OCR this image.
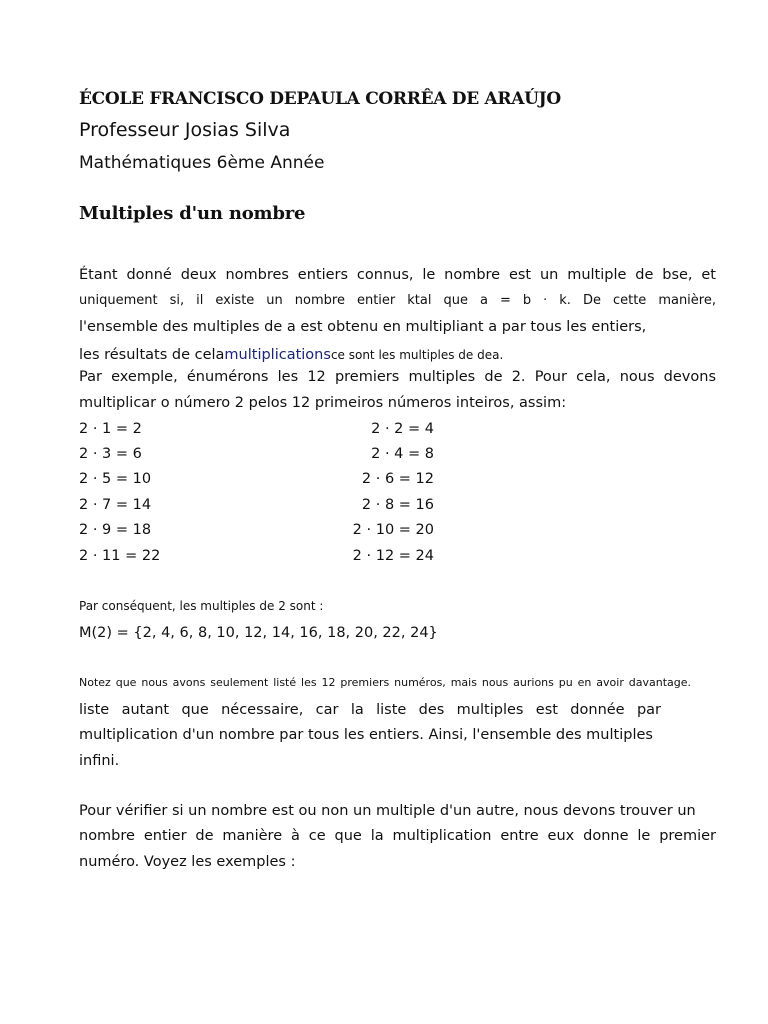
ÉCOLE FRANCISCO DEPAULA CORRÊA DE ARAÚJO
Professeur Josias Silva
Mathématiques 6ème Année
Multiples d'un nombre
Étant donné deux nombres entiers connus, le nombre est un multiple de bse, et
uniquement si, il existe un nombre entier ktal que a = b · k. De cette manière,
l'ensemble des multiples de a est obtenu en multipliant a par tous les entiers,
les résultats de celamultiplicationsce sont les multiples de dea.
Par exemple, énumérons les 12 premiers multiples de 2. Pour cela, nous devons
multiplicar o número 2 pelos 12 primeiros números inteiros, assim:
2 · 1 = 2	2 · 2 = 4
2 · 3 = 6	2 · 4 = 8
2 · 5 = 10	2 · 6 = 12
2 · 7 = 14	2 · 8 = 16
2 · 9 = 18	2 · 10 = 20
2 · 11 = 22	2 · 12 = 24
Par conséquent, les multiples de 2 sont :
M(2) = {2, 4, 6, 8, 10, 12, 14, 16, 18, 20, 22, 24}
Notez que nous avons seulement listé les 12 premiers numéros, mais nous aurions pu en avoir davantage.
liste autant que nécessaire, car la liste des multiples est donnée par
multiplication d'un nombre par tous les entiers. Ainsi, l'ensemble des multiples
infini.
Pour vérifier si un nombre est ou non un multiple d'un autre, nous devons trouver un
nombre entier de manière à ce que la multiplication entre eux donne le premier
numéro. Voyez les exemples :
